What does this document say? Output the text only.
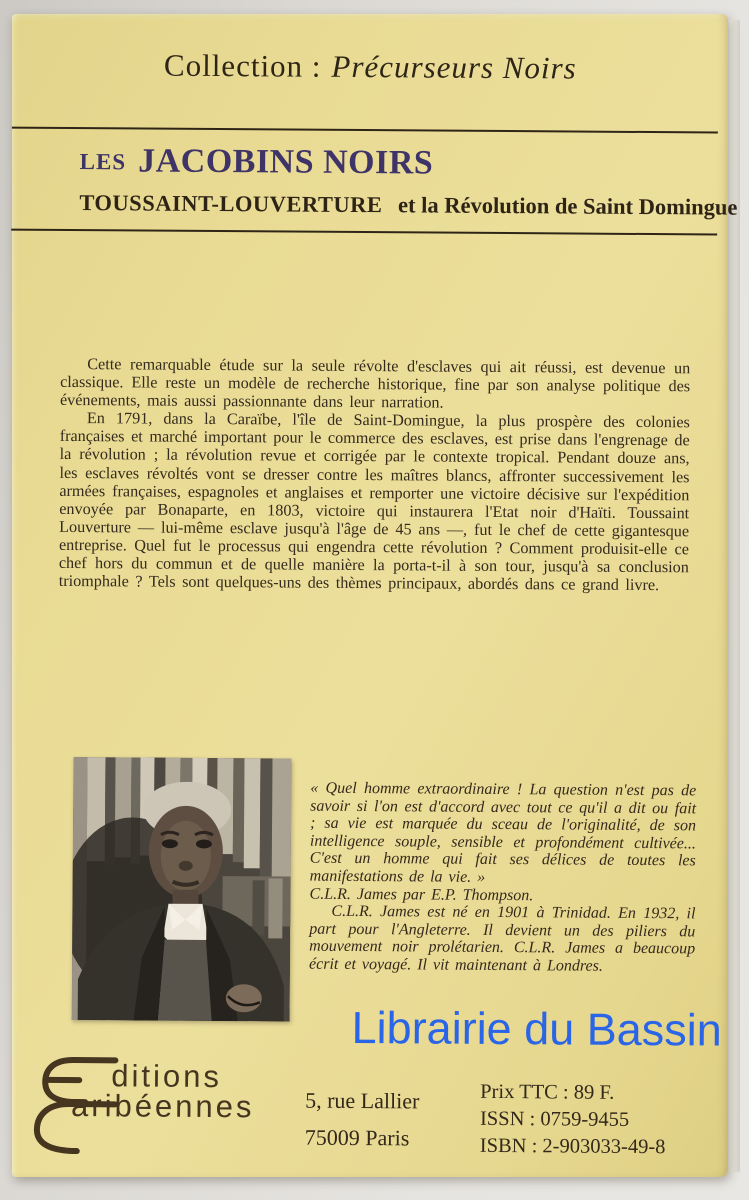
Collection : Précurseurs Noirs
LES JACOBINS NOIRS
TOUSSAINT-LOUVERTURE et la Révolution de Saint Domingue

Cette remarquable étude sur la seule révolte d'esclaves qui ait réussi, est devenue un classique. Elle reste un modèle de recherche historique, fine par son analyse politique des événements, mais aussi passionnante dans leur narration.

En 1791, dans la Caraïbe, l'île de Saint-Domingue, la plus prospère des colonies françaises et marché important pour le commerce des esclaves, est prise dans l'engrenage de la révolution ; la révolution revue et corrigée par le contexte tropical. Pendant douze ans, les esclaves révoltés vont se dresser contre les maîtres blancs, affronter successivement les armées françaises, espagnoles et anglaises et remporter une victoire décisive sur l'expédition envoyée par Bonaparte, en 1803, victoire qui instaurera l'Etat noir d'Haïti. Toussaint Louverture — lui-même esclave jusqu'à l'âge de 45 ans —, fut le chef de cette gigantesque entreprise. Quel fut le processus qui engendra cette révolution ? Comment produisit-elle ce chef hors du commun et de quelle manière la porta-t-il à son tour, jusqu'à sa conclusion triomphale ? Tels sont quelques-uns des thèmes principaux, abordés dans ce grand livre.

« Quel homme extraordinaire ! La question n'est pas de savoir si l'on est d'accord avec tout ce qu'il a dit ou fait ; sa vie est marquée du sceau de l'originalité, de son intelligence souple, sensible et profondément cultivée... C'est un homme qui fait ses délices de toutes les manifestations de la vie. »

C.L.R. James par E.P. Thompson.

C.L.R. James est né en 1901 à Trinidad. En 1932, il part pour l'Angleterre. Il devient un des piliers du mouvement noir prolétarien. C.L.R. James a beaucoup écrit et voyagé. Il vit maintenant à Londres.

Librairie du Bassin
ditions
aribéennes 5, rue Lallier
75009 Paris
Prix TTC : 89 F.
ISSN : 0759-9455
ISBN : 2-903033-49-8
